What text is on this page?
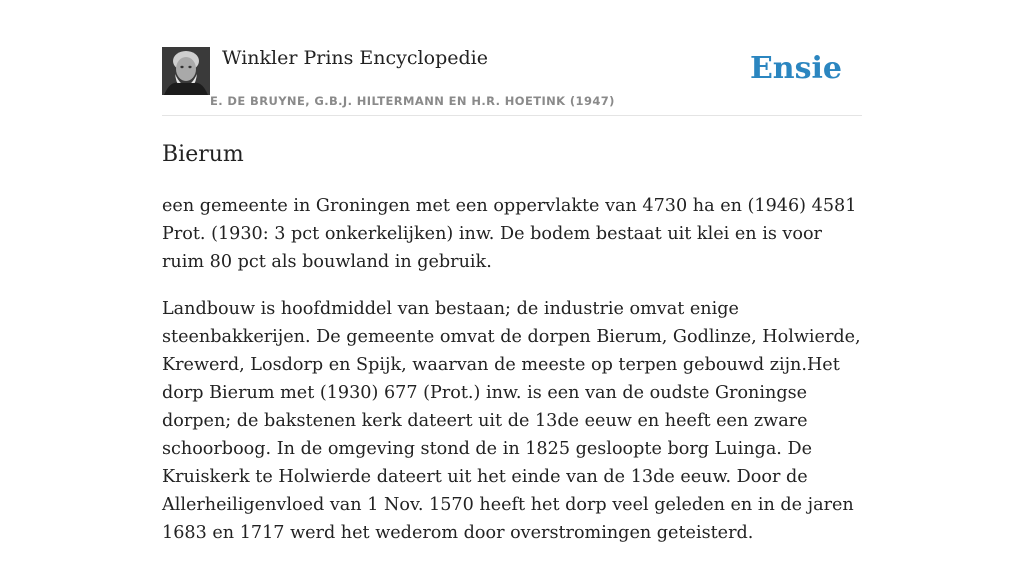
Winkler Prins Encyclopedie
E. DE BRUYNE, G.B.J. HILTERMANN EN H.R. HOETINK (1947)
Ensie
Bierum

een gemeente in Groningen met een oppervlakte van 4730 ha en (1946) 4581 Prot. (1930: 3 pct onkerkelijken) inw. De bodem bestaat uit klei en is voor ruim 80 pct als bouwland in gebruik.

Landbouw is hoofdmiddel van bestaan; de industrie omvat enige steenbakkerijen. De gemeente omvat de dorpen Bierum, Godlinze, Holwierde, Krewerd, Losdorp en Spijk, waarvan de meeste op terpen gebouwd zijn.Het dorp Bierum met (1930) 677 (Prot.) inw. is een van de oudste Groningse dorpen; de bakstenen kerk dateert uit de 13de eeuw en heeft een zware schoorboog. In de omgeving stond de in 1825 gesloopte borg Luinga. De Kruiskerk te Holwierde dateert uit het einde van de 13de eeuw. Door de Allerheiligenvloed van 1 Nov. 1570 heeft het dorp veel geleden en in de jaren 1683 en 1717 werd het wederom door overstromingen geteisterd.
